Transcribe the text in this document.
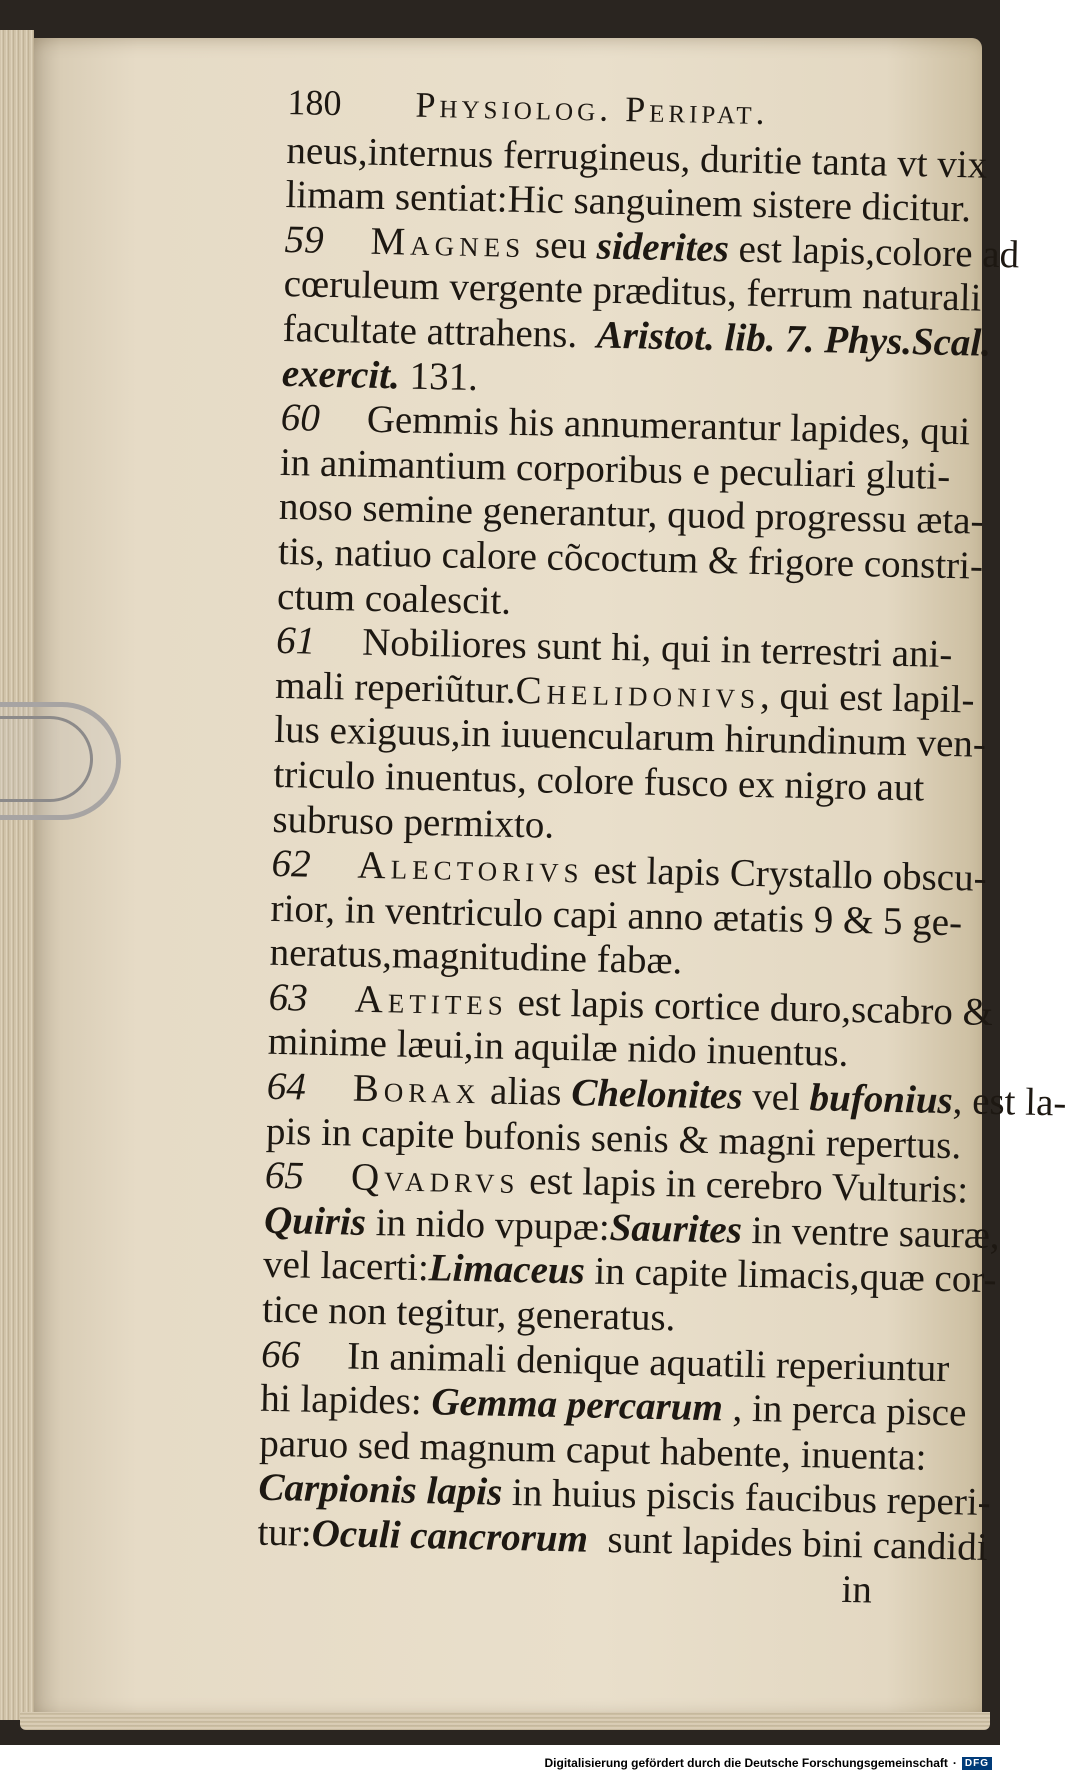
180	Physiolog. Peripat.
neus,internus ferrugineus, duritie tanta vt vix
limam sentiat:Hic sanguinem sistere dicitur.
59 Magnes seu siderites est lapis,colore ad
cœruleum vergente præditus, ferrum naturali
facultate attrahens.  Aristot. lib. 7. Phys.Scal.
exercit. 131.
60 Gemmis his annumerantur lapides, qui
in animantium corporibus e peculiari gluti-
noso semine generantur, quod progressu æta-
tis, natiuo calore cõcoctum & frigore constri-
ctum coalescit.
61 Nobiliores sunt hi, qui in terrestri ani-
mali reperiũtur.Chelidonivs, qui est lapil-
lus exiguus,in iuuencularum hirundinum ven-
triculo inuentus, colore fusco ex nigro aut
subruso permixto.
62 Alectorivs est lapis Crystallo obscu-
rior, in ventriculo capi anno ætatis 9 & 5 ge-
neratus,magnitudine fabæ.
63 Aetites est lapis cortice duro,scabro &
minime læui,in aquilæ nido inuentus.
64 Borax alias Chelonites vel bufonius, est la-
pis in capite bufonis senis & magni repertus.
65 Qvadrvs est lapis in cerebro Vulturis:
Quiris in nido vpupæ:Saurites in ventre sauræ,
vel lacerti:Limaceus in capite limacis,quæ cor-
tice non tegitur, generatus.
66 In animali denique aquatili reperiuntur
hi lapides: Gemma percarum , in perca pisce
paruo sed magnum caput habente, inuenta:
Carpionis lapis in huius piscis faucibus reperi-
tur:Oculi cancrorum  sunt lapides bini candidi
in
Digitalisierung gefördert durch die Deutsche Forschungsgemeinschaft · DFG
